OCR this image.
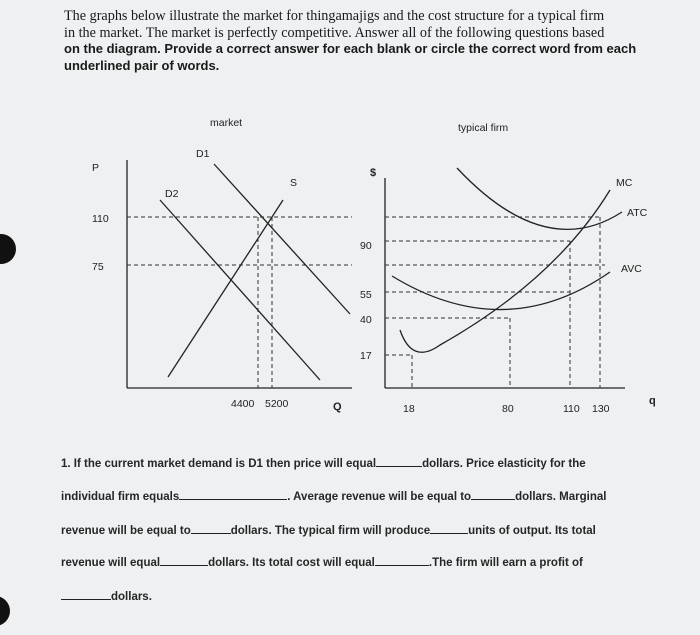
The graphs below illustrate the market for thingamajigs and the cost structure for a typical firm
in the market. The market is perfectly competitive. Answer all of the following questions based
on the diagram. Provide a correct answer for each blank or circle the correct word from each
underlined pair of words.
market
D1
P
D2
S
110
75
4400 5200	Q
typical firm
$
MC
ATC
AVC
90
55
40
17
18	80	110 130
q
1. If the current market demand is D1 then price will equal	dollars. Price elasticity for the
individual firm equals	. Average revenue will be equal to	dollars. Marginal
revenue will be equal to	dollars. The typical firm will produce	units of output. Its total
revenue will equal	dollars. Its total cost will equal	.The firm will earn a profit of
dollars.
